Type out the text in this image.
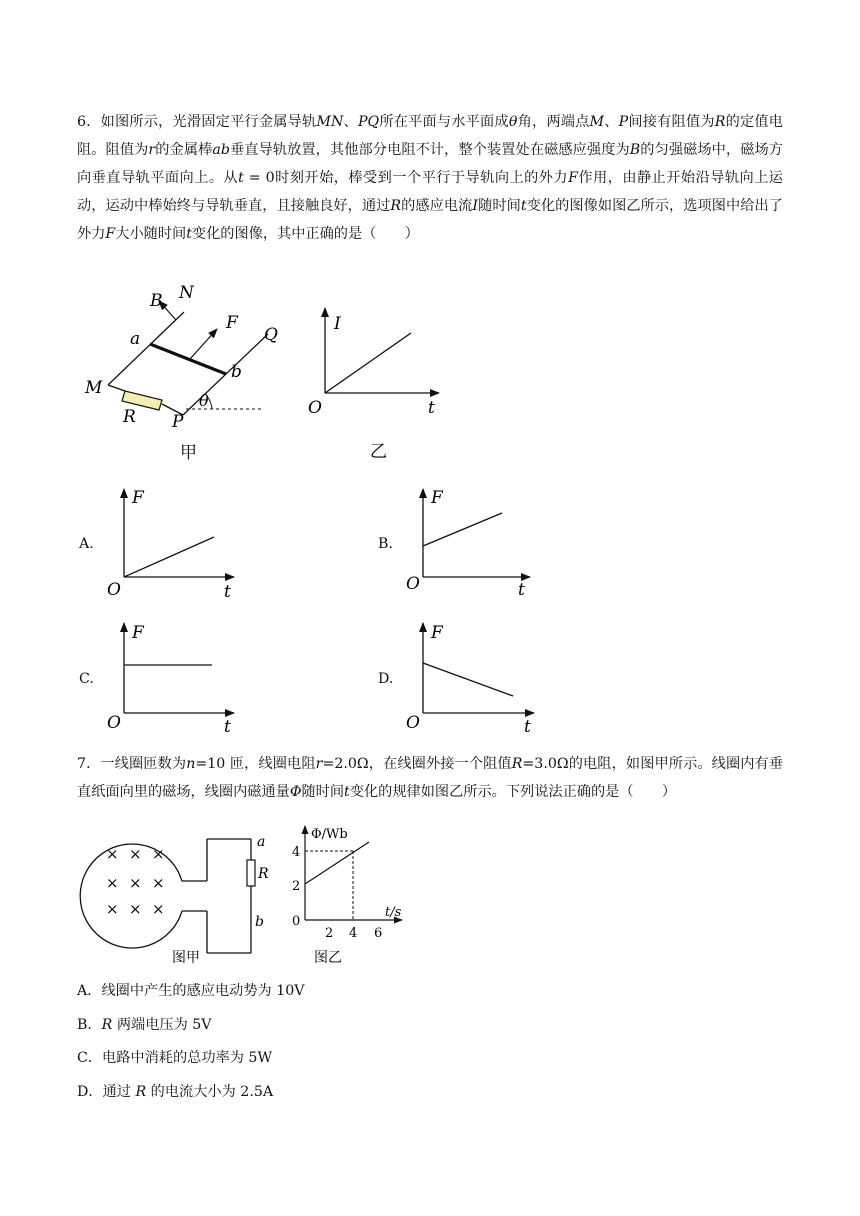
6．如图所示，光滑固定平行金属导轨MN、PQ所在平面与水平面成θ角，两端点M、P间接有阻值为R的定值电阻。阻值为r的金属棒ab垂直导轨放置，其他部分电阻不计，整个装置处在磁感应强度为B的匀强磁场中，磁场方向垂直导轨平面向上。从t = 0时刻开始，棒受到一个平行于导轨向上的外力F作用，由静止开始沿导轨向上运动，运动中棒始终与导轨垂直，且接触良好，通过R的感应电流I随时间t变化的图像如图乙所示，选项图中给出了外力F大小随时间t变化的图像，其中正确的是（　　）

B N
F
Q
a
b
M
R P
θ
甲
I
O	t
乙
A.
F
O	t
B.
F
O	t
C.
F
O	t
D.
F
O	t

7．一线圈匝数为n=10 匝，线圈电阻r=2.0Ω，在线圈外接一个阻值R=3.0Ω的电阻，如图甲所示。线圈内有垂直纸面向里的磁场，线圈内磁通量Φ随时间t变化的规律如图乙所示。下列说法正确的是（　　）

× × ×
× × ×
× × ×
a
R
b
图甲
Φ/Wb
4
2
0
2 4 6
t/s
图乙
A．线圈中产生的感应电动势为 10V
B．R 两端电压为 5V
C．电路中消耗的总功率为 5W
D．通过 R 的电流大小为 2.5A
